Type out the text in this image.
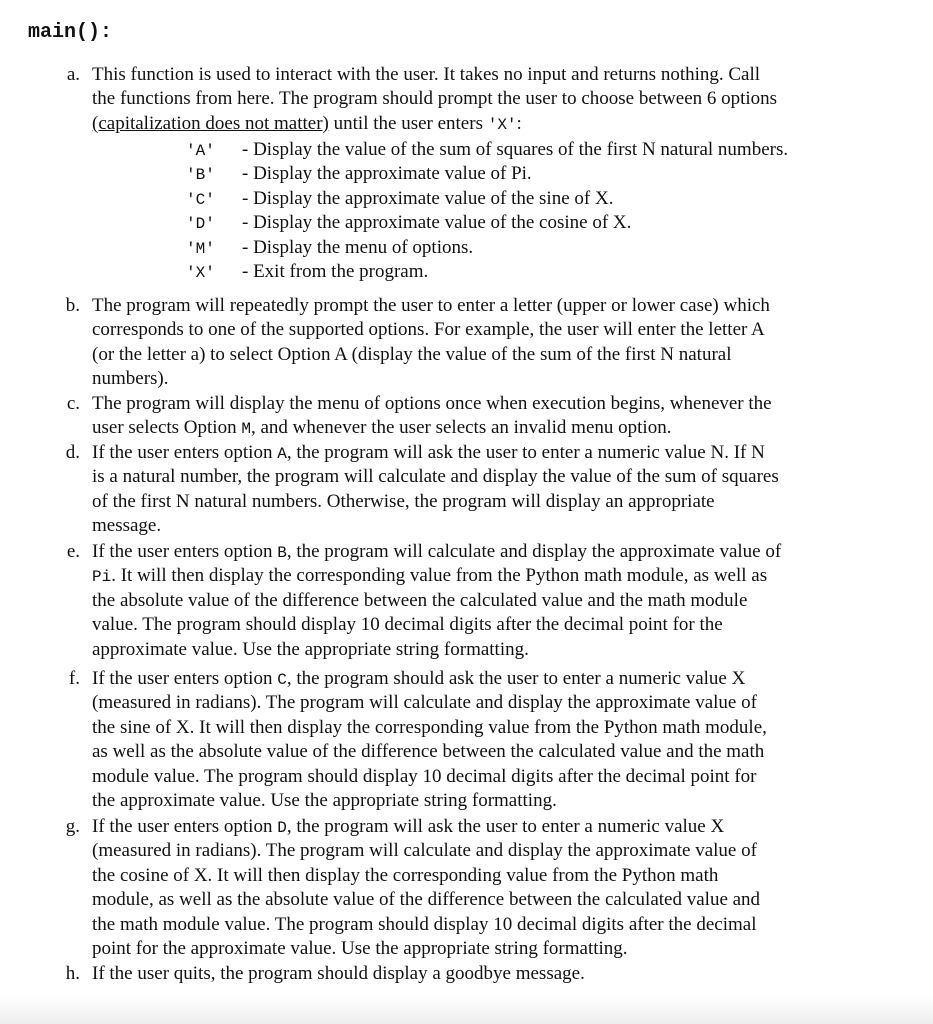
main():
a. This function is used to interact with the user. It takes no input and returns nothing. Call
the functions from here. The program should prompt the user to choose between 6 options
(capitalization does not matter) until the user enters 'X':
'A' - Display the value of the sum of squares of the first N natural numbers.
'B' - Display the approximate value of Pi.
'C' - Display the approximate value of the sine of X.
'D' - Display the approximate value of the cosine of X.
'M' - Display the menu of options.
'X' - Exit from the program.
b. The program will repeatedly prompt the user to enter a letter (upper or lower case) which
corresponds to one of the supported options. For example, the user will enter the letter A
(or the letter a) to select Option A (display the value of the sum of the first N natural
numbers).
c. The program will display the menu of options once when execution begins, whenever the
user selects Option M, and whenever the user selects an invalid menu option.
d. If the user enters option A, the program will ask the user to enter a numeric value N. If N
is a natural number, the program will calculate and display the value of the sum of squares
of the first N natural numbers. Otherwise, the program will display an appropriate
message.
e. If the user enters option B, the program will calculate and display the approximate value of
Pi. It will then display the corresponding value from the Python math module, as well as
the absolute value of the difference between the calculated value and the math module
value. The program should display 10 decimal digits after the decimal point for the
approximate value. Use the appropriate string formatting.
f. If the user enters option C, the program should ask the user to enter a numeric value X
(measured in radians). The program will calculate and display the approximate value of
the sine of X. It will then display the corresponding value from the Python math module,
as well as the absolute value of the difference between the calculated value and the math
module value. The program should display 10 decimal digits after the decimal point for
the approximate value. Use the appropriate string formatting.
g. If the user enters option D, the program will ask the user to enter a numeric value X
(measured in radians). The program will calculate and display the approximate value of
the cosine of X. It will then display the corresponding value from the Python math
module, as well as the absolute value of the difference between the calculated value and
the math module value. The program should display 10 decimal digits after the decimal
point for the approximate value. Use the appropriate string formatting.
h. If the user quits, the program should display a goodbye message.
